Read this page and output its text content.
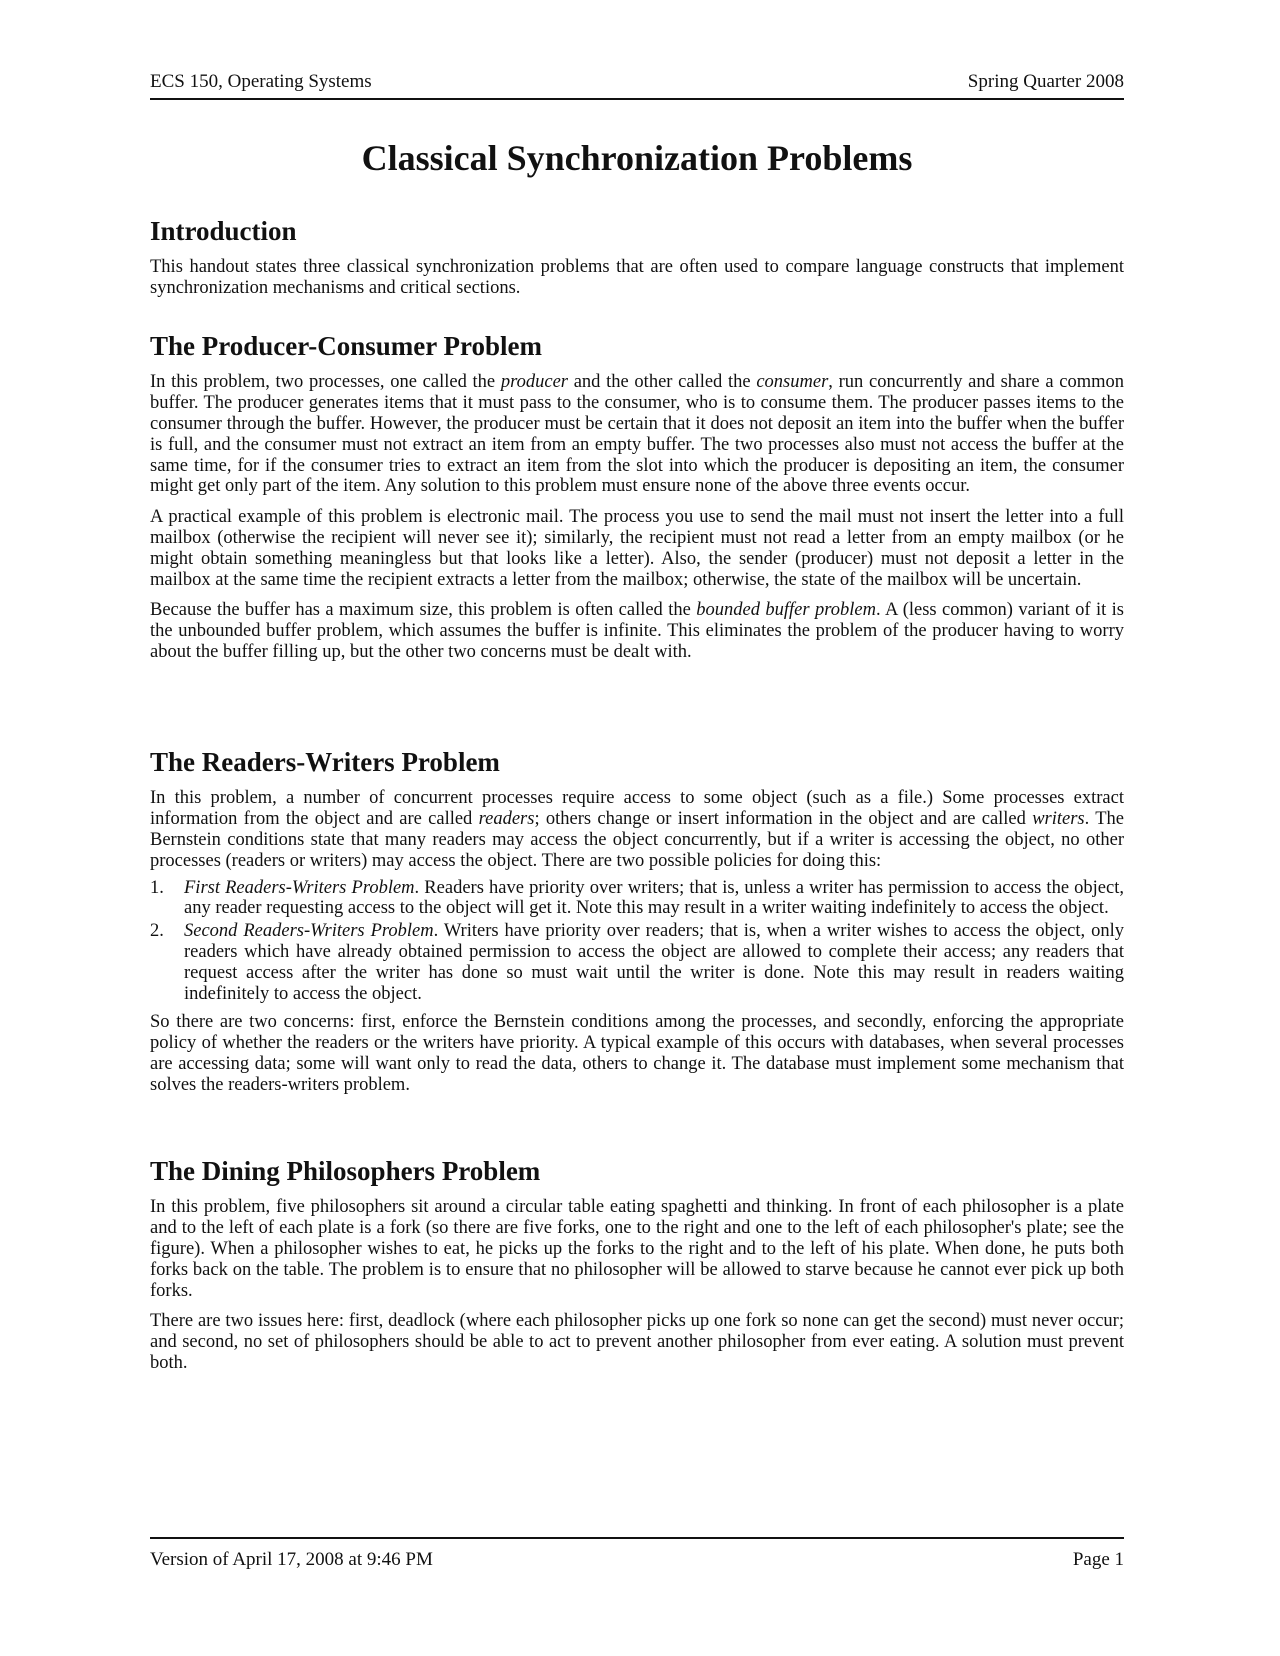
ECS 150, Operating Systems	Spring Quarter 2008
Classical Synchronization Problems
Introduction

This handout states three classical synchronization problems that are often used to compare language constructs that implement synchronization mechanisms and critical sections.

The Producer-Consumer Problem

In this problem, two processes, one called the producer and the other called the consumer, run concurrently and share a common buffer. The producer generates items that it must pass to the consumer, who is to consume them. The producer passes items to the consumer through the buffer. However, the producer must be certain that it does not deposit an item into the buffer when the buffer is full, and the consumer must not extract an item from an empty buffer. The two processes also must not access the buffer at the same time, for if the consumer tries to extract an item from the slot into which the producer is depositing an item, the consumer might get only part of the item. Any solution to this problem must ensure none of the above three events occur.

A practical example of this problem is electronic mail. The process you use to send the mail must not insert the letter into a full mailbox (otherwise the recipient will never see it); similarly, the recipient must not read a letter from an empty mailbox (or he might obtain something meaningless but that looks like a letter). Also, the sender (producer) must not deposit a letter in the mailbox at the same time the recipient extracts a letter from the mailbox; otherwise, the state of the mailbox will be uncertain.

Because the buffer has a maximum size, this problem is often called the bounded buffer problem. A (less common) variant of it is the unbounded buffer problem, which assumes the buffer is infinite. This eliminates the problem of the producer having to worry about the buffer filling up, but the other two concerns must be dealt with.

The Readers-Writers Problem

In this problem, a number of concurrent processes require access to some object (such as a file.) Some processes extract information from the object and are called readers; others change or insert information in the object and are called writers. The Bernstein conditions state that many readers may access the object concurrently, but if a writer is accessing the object, no other processes (readers or writers) may access the object. There are two possible policies for doing this:

1. First Readers-Writers Problem. Readers have priority over writers; that is, unless a writer has permission to access the object, any reader requesting access to the object will get it. Note this may result in a writer waiting indefinitely to access the object.
2. Second Readers-Writers Problem. Writers have priority over readers; that is, when a writer wishes to access the object, only readers which have already obtained permission to access the object are allowed to complete their access; any readers that request access after the writer has done so must wait until the writer is done. Note this may result in readers waiting indefinitely to access the object.

So there are two concerns: first, enforce the Bernstein conditions among the processes, and secondly, enforcing the appropriate policy of whether the readers or the writers have priority. A typical example of this occurs with databases, when several processes are accessing data; some will want only to read the data, others to change it. The database must implement some mechanism that solves the readers-writers problem.

The Dining Philosophers Problem

In this problem, five philosophers sit around a circular table eating spaghetti and thinking. In front of each philosopher is a plate and to the left of each plate is a fork (so there are five forks, one to the right and one to the left of each philosopher's plate; see the figure). When a philosopher wishes to eat, he picks up the forks to the right and to the left of his plate. When done, he puts both forks back on the table. The problem is to ensure that no philosopher will be allowed to starve because he cannot ever pick up both forks.

There are two issues here: first, deadlock (where each philosopher picks up one fork so none can get the second) must never occur; and second, no set of philosophers should be able to act to prevent another philosopher from ever eating. A solution must prevent both.

Version of April 17, 2008 at 9:46 PM	Page 1
